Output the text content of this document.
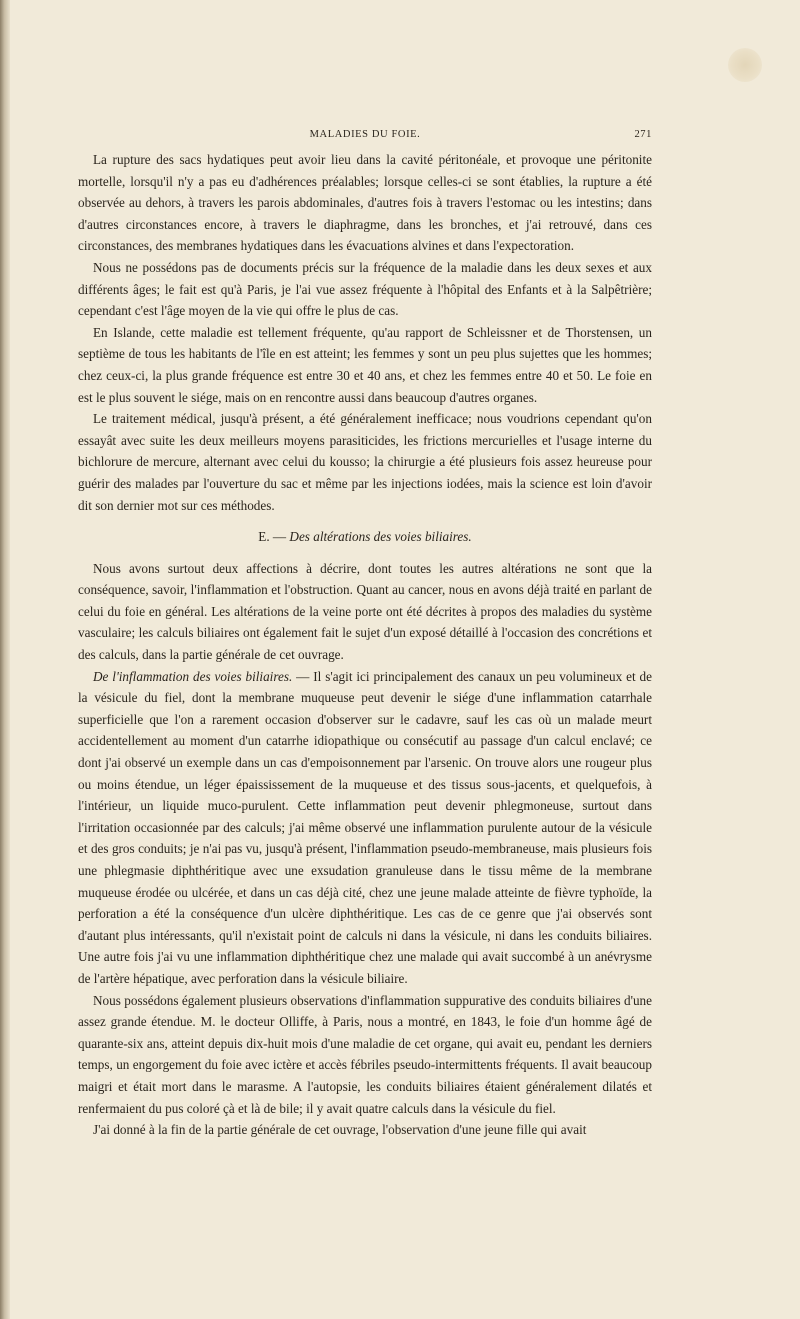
MALADIES DU FOIE.	271

La rupture des sacs hydatiques peut avoir lieu dans la cavité péritonéale, et provoque une péritonite mortelle, lorsqu'il n'y a pas eu d'adhérences préalables; lorsque celles-ci se sont établies, la rupture a été observée au dehors, à travers les parois abdominales, d'autres fois à travers l'estomac ou les intestins; dans d'autres circonstances encore, à travers le diaphragme, dans les bronches, et j'ai retrouvé, dans ces circonstances, des membranes hydatiques dans les évacuations alvines et dans l'expectoration.

Nous ne possédons pas de documents précis sur la fréquence de la maladie dans les deux sexes et aux différents âges; le fait est qu'à Paris, je l'ai vue assez fréquente à l'hôpital des Enfants et à la Salpêtrière; cependant c'est l'âge moyen de la vie qui offre le plus de cas.

En Islande, cette maladie est tellement fréquente, qu'au rapport de Schleissner et de Thorstensen, un septième de tous les habitants de l'île en est atteint; les femmes y sont un peu plus sujettes que les hommes; chez ceux-ci, la plus grande fréquence est entre 30 et 40 ans, et chez les femmes entre 40 et 50. Le foie en est le plus souvent le siége, mais on en rencontre aussi dans beaucoup d'autres organes.

Le traitement médical, jusqu'à présent, a été généralement inefficace; nous voudrions cependant qu'on essayât avec suite les deux meilleurs moyens parasiticides, les frictions mercurielles et l'usage interne du bichlorure de mercure, alternant avec celui du kousso; la chirurgie a été plusieurs fois assez heureuse pour guérir des malades par l'ouverture du sac et même par les injections iodées, mais la science est loin d'avoir dit son dernier mot sur ces méthodes.

E. — Des altérations des voies biliaires.

Nous avons surtout deux affections à décrire, dont toutes les autres altérations ne sont que la conséquence, savoir, l'inflammation et l'obstruction. Quant au cancer, nous en avons déjà traité en parlant de celui du foie en général. Les altérations de la veine porte ont été décrites à propos des maladies du système vasculaire; les calculs biliaires ont également fait le sujet d'un exposé détaillé à l'occasion des concrétions et des calculs, dans la partie générale de cet ouvrage.

De l'inflammation des voies biliaires. — Il s'agit ici principalement des canaux un peu volumineux et de la vésicule du fiel, dont la membrane muqueuse peut devenir le siége d'une inflammation catarrhale superficielle que l'on a rarement occasion d'observer sur le cadavre, sauf les cas où un malade meurt accidentellement au moment d'un catarrhe idiopathique ou consécutif au passage d'un calcul enclavé; ce dont j'ai observé un exemple dans un cas d'empoisonnement par l'arsenic. On trouve alors une rougeur plus ou moins étendue, un léger épaississement de la muqueuse et des tissus sous-jacents, et quelquefois, à l'intérieur, un liquide muco-purulent. Cette inflammation peut devenir phlegmoneuse, surtout dans l'irritation occasionnée par des calculs; j'ai même observé une inflammation purulente autour de la vésicule et des gros conduits; je n'ai pas vu, jusqu'à présent, l'inflammation pseudo-membraneuse, mais plusieurs fois une phlegmasie diphthéritique avec une exsudation granuleuse dans le tissu même de la membrane muqueuse érodée ou ulcérée, et dans un cas déjà cité, chez une jeune malade atteinte de fièvre typhoïde, la perforation a été la conséquence d'un ulcère diphthéritique. Les cas de ce genre que j'ai observés sont d'autant plus intéressants, qu'il n'existait point de calculs ni dans la vésicule, ni dans les conduits biliaires. Une autre fois j'ai vu une inflammation diphthéritique chez une malade qui avait succombé à un anévrysme de l'artère hépatique, avec perforation dans la vésicule biliaire.

Nous possédons également plusieurs observations d'inflammation suppurative des conduits biliaires d'une assez grande étendue. M. le docteur Olliffe, à Paris, nous a montré, en 1843, le foie d'un homme âgé de quarante-six ans, atteint depuis dix-huit mois d'une maladie de cet organe, qui avait eu, pendant les derniers temps, un engorgement du foie avec ictère et accès fébriles pseudo-intermittents fréquents. Il avait beaucoup maigri et était mort dans le marasme. A l'autopsie, les conduits biliaires étaient généralement dilatés et renfermaient du pus coloré çà et là de bile; il y avait quatre calculs dans la vésicule du fiel.

J'ai donné à la fin de la partie générale de cet ouvrage, l'observation d'une jeune fille qui avait
